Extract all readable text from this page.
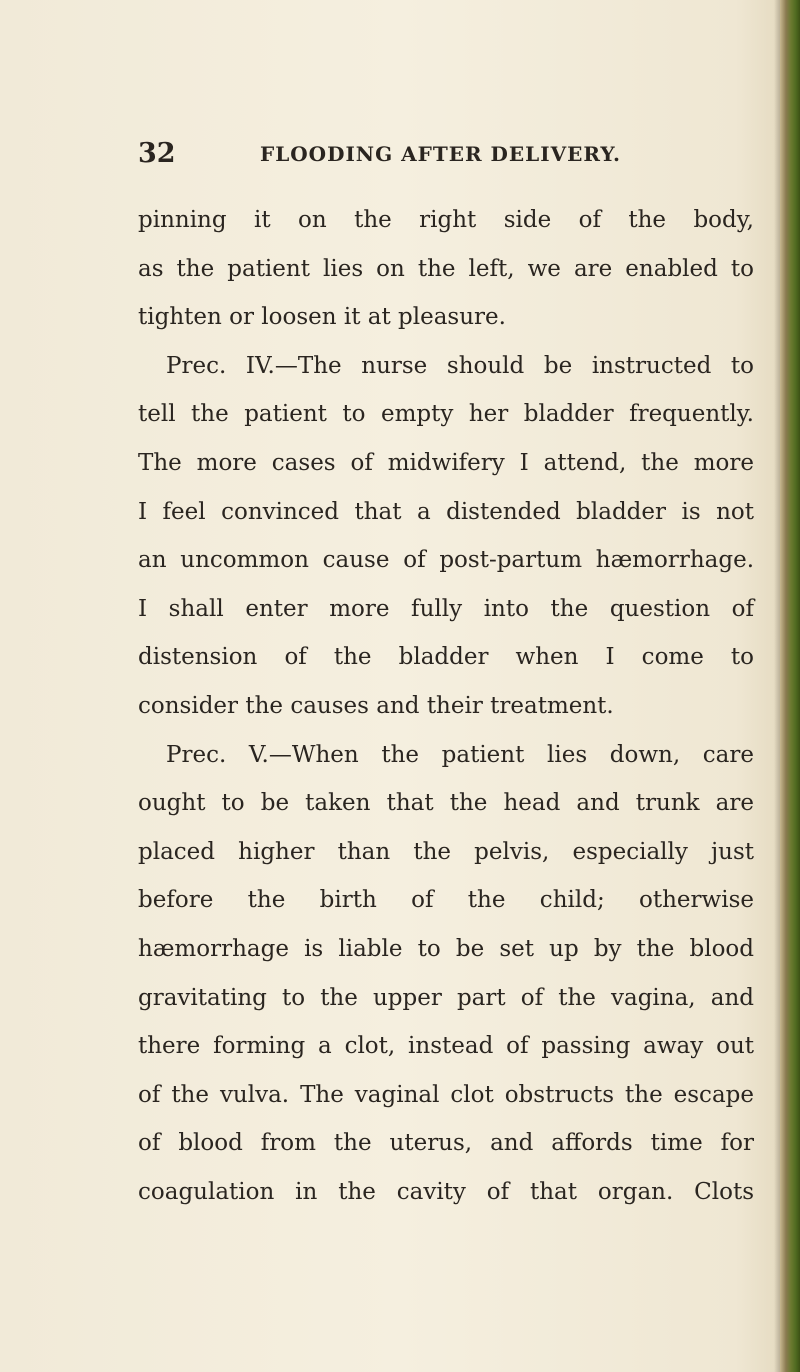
32	FLOODING AFTER DELIVERY.
pinning it on the right side of the body,
as the patient lies on the left, we are enabled to
tighten or loosen it at pleasure.
Prec. IV.—The nurse should be instructed to
tell the patient to empty her bladder frequently.
The more cases of midwifery I attend, the more
I feel convinced that a distended bladder is not
an uncommon cause of post-partum hæmorrhage.
I shall enter more fully into the question of
distension of the bladder when I come to
consider the causes and their treatment.
Prec. V.—When the patient lies down, care
ought to be taken that the head and trunk are
placed higher than the pelvis, especially just
before the birth of the child; otherwise
hæmorrhage is liable to be set up by the blood
gravitating to the upper part of the vagina, and
there forming a clot, instead of passing away out
of the vulva. The vaginal clot obstructs the escape
of blood from the uterus, and affords time for
coagulation in the cavity of that organ. Clots
